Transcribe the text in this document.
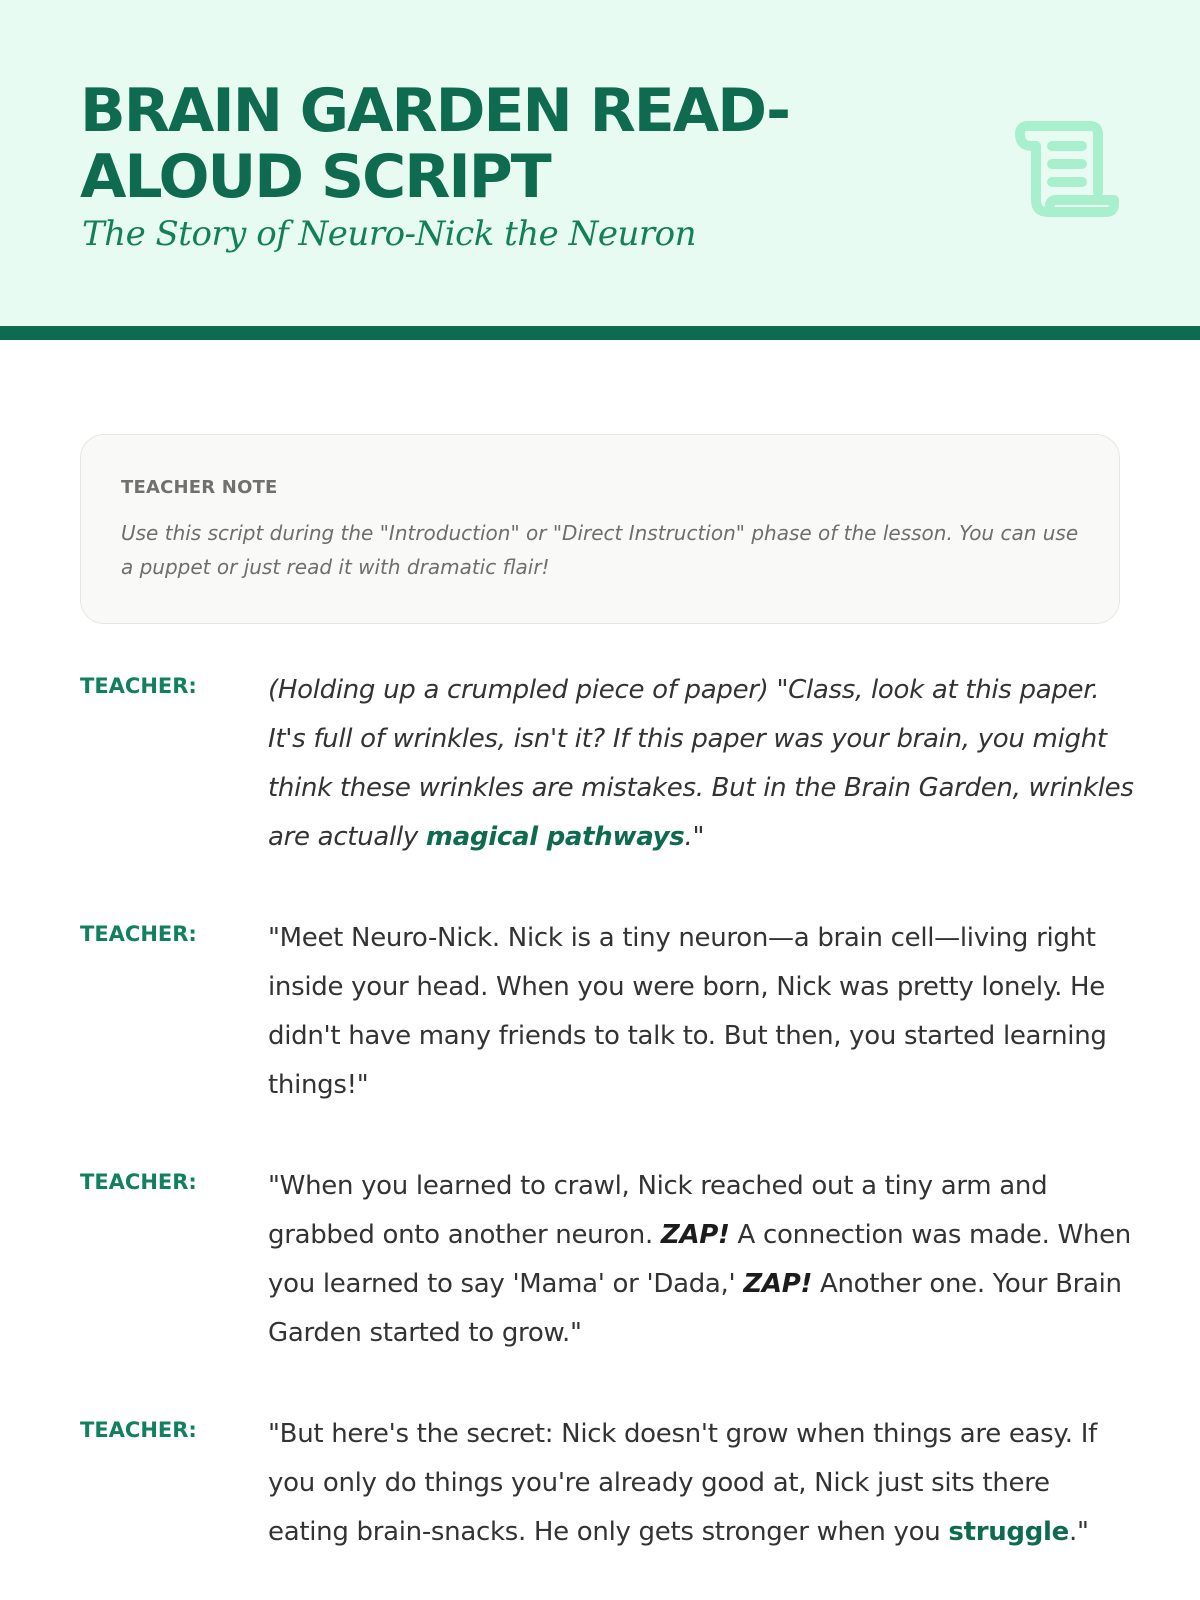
BRAIN GARDEN READ-ALOUD SCRIPT

The Story of Neuro-Nick the Neuron

TEACHER NOTE

Use this script during the "Introduction" or "Direct Instruction" phase of the lesson. You can use a puppet or just read it with dramatic flair!

TEACHER:	(Holding up a crumpled piece of paper) "Class, look at this paper. It's full of wrinkles, isn't it? If this paper was your brain, you might think these wrinkles are mistakes. But in the Brain Garden, wrinkles are actually magical pathways."

TEACHER:	"Meet Neuro-Nick. Nick is a tiny neuron—a brain cell—living right inside your head. When you were born, Nick was pretty lonely. He didn't have many friends to talk to. But then, you started learning things!"

TEACHER:	"When you learned to crawl, Nick reached out a tiny arm and grabbed onto another neuron. ZAP! A connection was made. When you learned to say 'Mama' or 'Dada,' ZAP! Another one. Your Brain Garden started to grow."

TEACHER:	"But here's the secret: Nick doesn't grow when things are easy. If you only do things you're already good at, Nick just sits there eating brain-snacks. He only gets stronger when you struggle."
